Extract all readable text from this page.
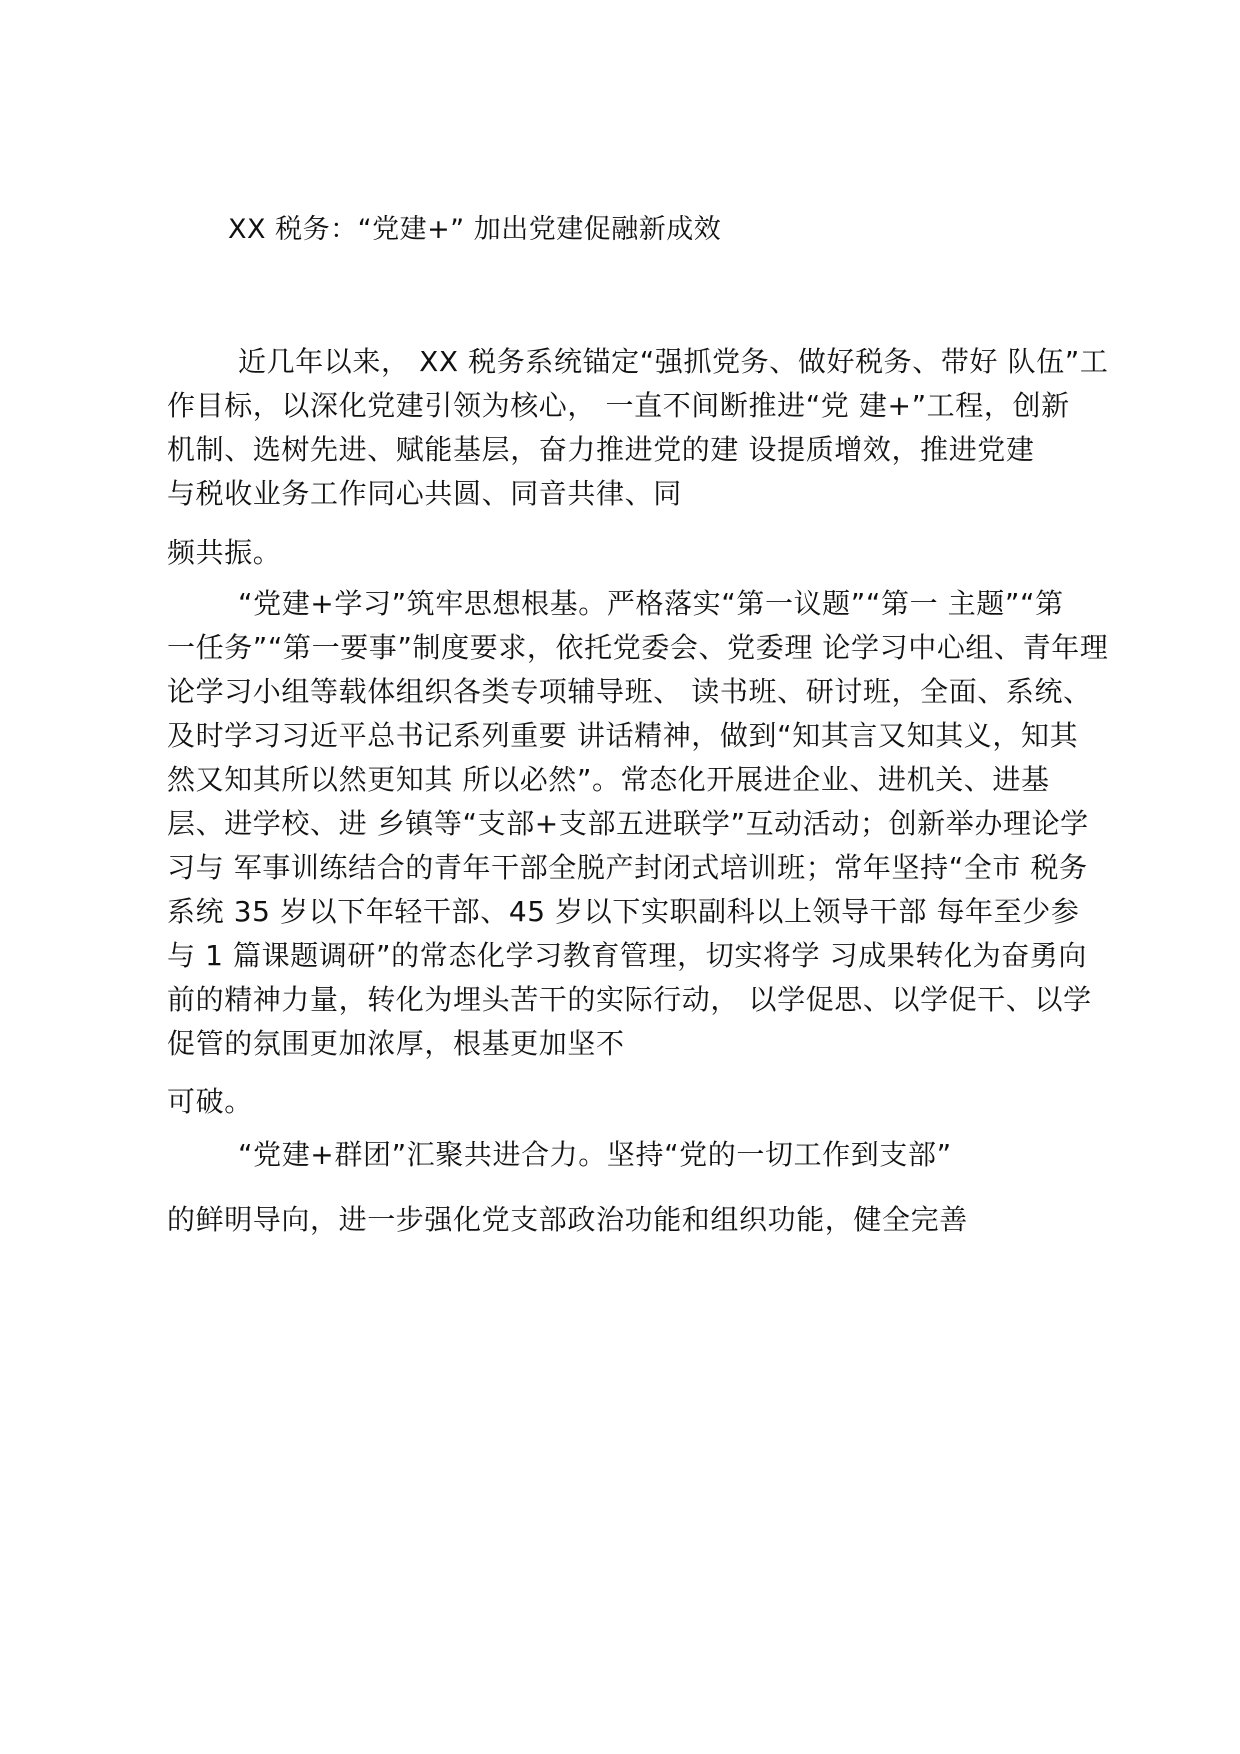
XX 税务：“党建+” 加出党建促融新成效
近几年以来， XX 税务系统锚定“强抓党务、做好税务、带好 队伍”工
作目标，以深化党建引领为核心， 一直不间断推进“党 建+”工程，创新
机制、选树先进、赋能基层，奋力推进党的建 设提质增效，推进党建
与税收业务工作同心共圆、同音共律、同
频共振。
“党建+学习”筑牢思想根基。严格落实“第一议题”“第一 主题”“第
一任务”“第一要事”制度要求，依托党委会、党委理 论学习中心组、青年理
论学习小组等载体组织各类专项辅导班、 读书班、研讨班，全面、系统、
及时学习习近平总书记系列重要 讲话精神，做到“知其言又知其义，知其
然又知其所以然更知其 所以必然”。常态化开展进企业、进机关、进基
层、进学校、进 乡镇等“支部+支部五进联学”互动活动；创新举办理论学
习与 军事训练结合的青年干部全脱产封闭式培训班；常年坚持“全市 税务
系统 35 岁以下年轻干部、45 岁以下实职副科以上领导干部 每年至少参
与 1 篇课题调研”的常态化学习教育管理，切实将学 习成果转化为奋勇向
前的精神力量，转化为埋头苦干的实际行动， 以学促思、以学促干、以学
促管的氛围更加浓厚，根基更加坚不
可破。
“党建+群团”汇聚共进合力。坚持“党的一切工作到支部”
的鲜明导向，进一步强化党支部政治功能和组织功能，健全完善
